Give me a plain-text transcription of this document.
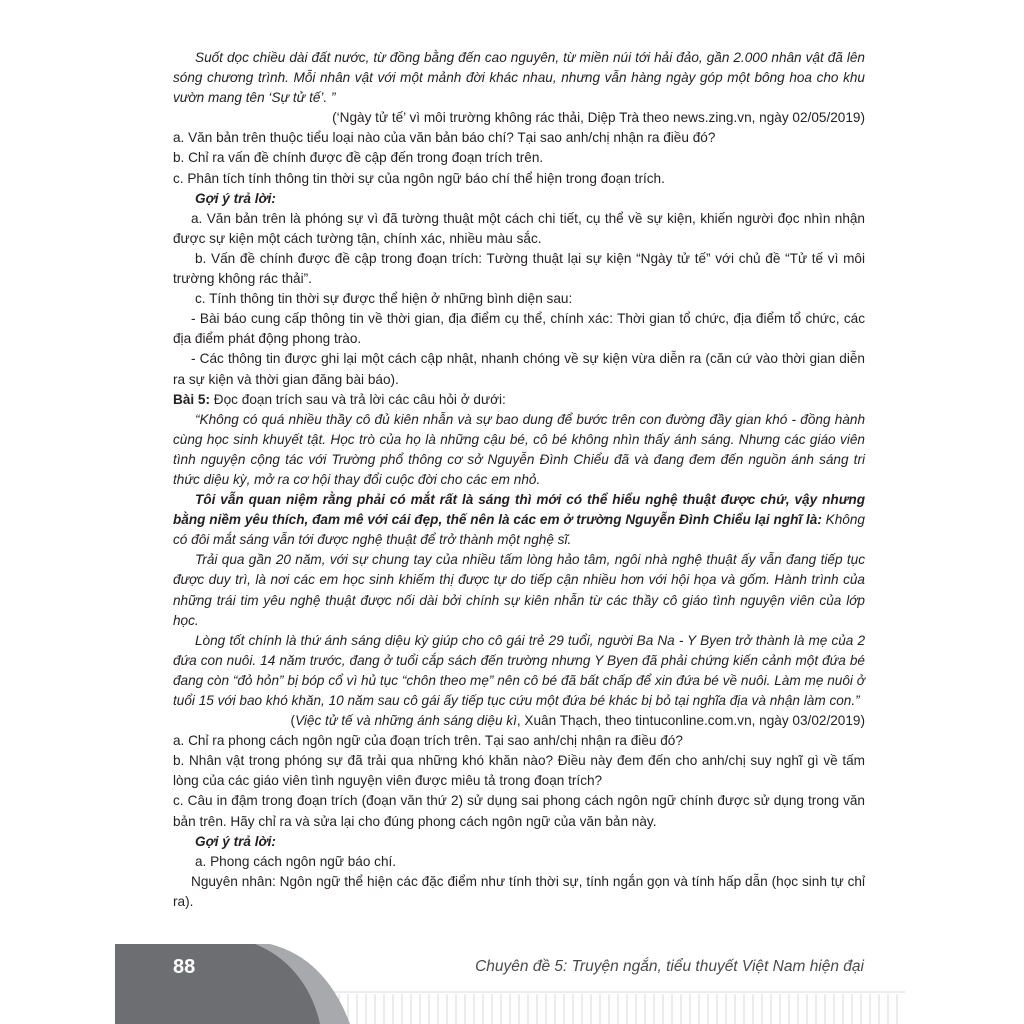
Suốt dọc chiều dài đất nước, từ đồng bằng đến cao nguyên, từ miền núi tới hải đảo, gần 2.000 nhân vật đã lên sóng chương trình. Mỗi nhân vật với một mảnh đời khác nhau, nhưng vẫn hàng ngày góp một bông hoa cho khu vườn mang tên ‘Sự tử tế’. ”

(‘Ngày tử tế’ vì môi trường không rác thải, Diệp Trà theo news.zing.vn, ngày 02/05/2019)

a. Văn bản trên thuộc tiểu loại nào của văn bản báo chí? Tại sao anh/chị nhận ra điều đó?

b. Chỉ ra vấn đề chính được đề cập đến trong đoạn trích trên.

c. Phân tích tính thông tin thời sự của ngôn ngữ báo chí thể hiện trong đoạn trích.

Gợi ý trả lời:

a. Văn bản trên là phóng sự vì đã tường thuật một cách chi tiết, cụ thể về sự kiện, khiến người đọc nhìn nhận được sự kiện một cách tường tận, chính xác, nhiều màu sắc.

b. Vấn đề chính được đề cập trong đoạn trích: Tường thuật lại sự kiện “Ngày tử tế” với chủ đề “Tử tế vì môi trường không rác thải”.

c. Tính thông tin thời sự được thể hiện ở những bình diện sau:

- Bài báo cung cấp thông tin về thời gian, địa điểm cụ thể, chính xác: Thời gian tổ chức, địa điểm tổ chức, các địa điểm phát động phong trào.

- Các thông tin được ghi lại một cách cập nhật, nhanh chóng về sự kiện vừa diễn ra (căn cứ vào thời gian diễn ra sự kiện và thời gian đăng bài báo).

Bài 5: Đọc đoạn trích sau và trả lời các câu hỏi ở dưới:

“Không có quá nhiều thầy cô đủ kiên nhẫn và sự bao dung để bước trên con đường đầy gian khó - đồng hành cùng học sinh khuyết tật. Học trò của họ là những cậu bé, cô bé không nhìn thấy ánh sáng. Nhưng các giáo viên tình nguyện cộng tác với Trường phổ thông cơ sở Nguyễn Đình Chiểu đã và đang đem đến nguồn ánh sáng tri thức diệu kỳ, mở ra cơ hội thay đổi cuộc đời cho các em nhỏ.

Tôi vẫn quan niệm rằng phải có mắt rất là sáng thì mới có thể hiểu nghệ thuật được chứ, vậy nhưng bằng niềm yêu thích, đam mê với cái đẹp, thế nên là các em ở trường Nguyễn Đình Chiểu lại nghĩ là: Không có đôi mắt sáng vẫn tới được nghệ thuật để trở thành một nghệ sĩ.

Trải qua gần 20 năm, với sự chung tay của nhiều tấm lòng hảo tâm, ngôi nhà nghệ thuật ấy vẫn đang tiếp tục được duy trì, là nơi các em học sinh khiếm thị được tự do tiếp cận nhiều hơn với hội họa và gốm. Hành trình của những trái tim yêu nghệ thuật được nối dài bởi chính sự kiên nhẫn từ các thầy cô giáo tình nguyện viên của lớp học.

Lòng tốt chính là thứ ánh sáng diệu kỳ giúp cho cô gái trẻ 29 tuổi, người Ba Na - Y Byen trở thành là mẹ của 2 đứa con nuôi. 14 năm trước, đang ở tuổi cắp sách đến trường nhưng Y Byen đã phải chứng kiến cảnh một đứa bé đang còn “đỏ hỏn” bị bóp cổ vì hủ tục “chôn theo mẹ” nên cô bé đã bất chấp để xin đứa bé về nuôi. Làm mẹ nuôi ở tuổi 15 với bao khó khăn, 10 năm sau cô gái ấy tiếp tục cứu một đứa bé khác bị bỏ tại nghĩa địa và nhận làm con.”

(Việc tử tế và những ánh sáng diệu kì, Xuân Thạch, theo tintuconline.com.vn, ngày 03/02/2019)

a. Chỉ ra phong cách ngôn ngữ của đoạn trích trên. Tại sao anh/chị nhận ra điều đó?

b. Nhân vật trong phóng sự đã trải qua những khó khăn nào? Điều này đem đến cho anh/chị suy nghĩ gì về tấm lòng của các giáo viên tình nguyện viên được miêu tả trong đoạn trích?

c. Câu in đậm trong đoạn trích (đoạn văn thứ 2) sử dụng sai phong cách ngôn ngữ chính được sử dụng trong văn bản trên. Hãy chỉ ra và sửa lại cho đúng phong cách ngôn ngữ của văn bản này.

Gợi ý trả lời:

a. Phong cách ngôn ngữ báo chí.

Nguyên nhân: Ngôn ngữ thể hiện các đặc điểm như tính thời sự, tính ngắn gọn và tính hấp dẫn (học sinh tự chỉ ra).

88	Chuyên đề 5: Truyện ngắn, tiểu thuyết Việt Nam hiện đại
